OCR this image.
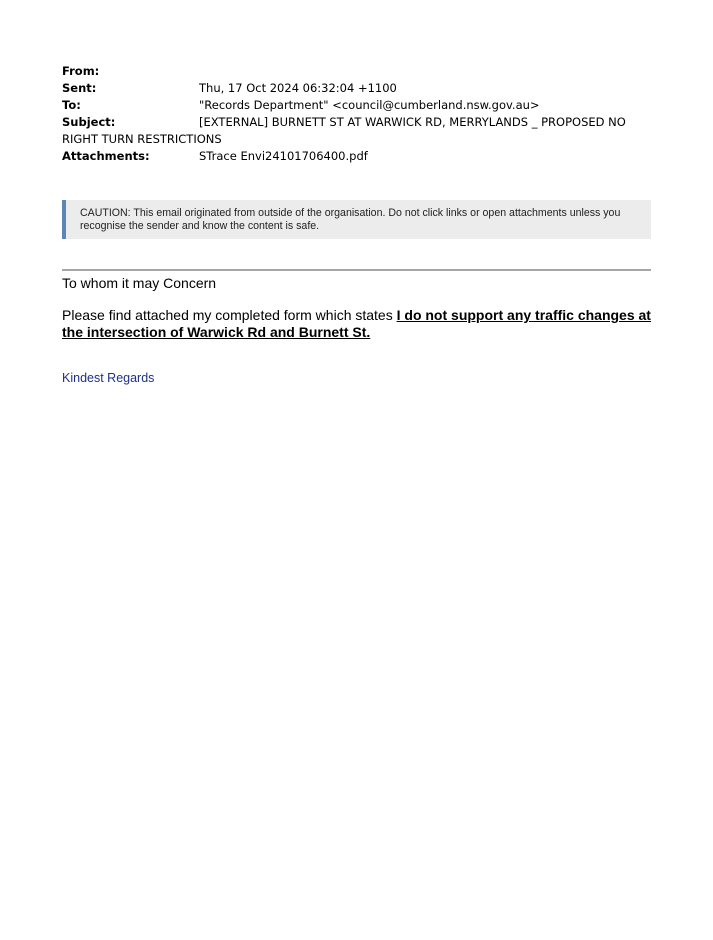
From:
Sent:	Thu, 17 Oct 2024 06:32:04 +1100
To:	"Records Department" <council@cumberland.nsw.gov.au>
Subject:	[EXTERNAL] BURNETT ST AT WARWICK RD, MERRYLANDS _ PROPOSED NO
RIGHT TURN RESTRICTIONS
Attachments:	STrace Envi24101706400.pdf
CAUTION: This email originated from outside of the organisation. Do not click links or open attachments unless you recognise the sender and know the content is safe.
To whom it may Concern
Please find attached my completed form which states I do not support any traffic changes at the intersection of Warwick Rd and Burnett St.
Kindest Regards
